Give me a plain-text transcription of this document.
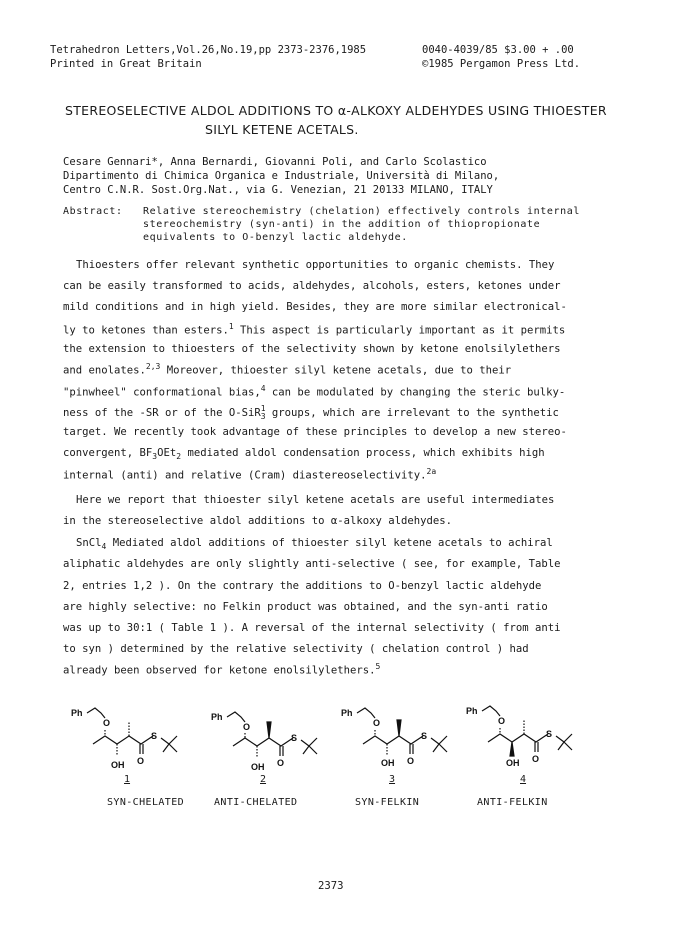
Tetrahedron Letters,Vol.26,No.19,pp 2373-2376,1985	0040-4039/85 $3.00 + .00
Printed in Great Britain	©1985 Pergamon Press Ltd.
STEREOSELECTIVE ALDOL ADDITIONS TO α-ALKOXY ALDEHYDES USING THIOESTER
SILYL KETENE ACETALS.
Cesare Gennari*, Anna Bernardi, Giovanni Poli, and Carlo Scolastico
Dipartimento di Chimica Organica e Industriale, Università di Milano,
Centro C.N.R. Sost.Org.Nat., via G. Venezian, 21 20133 MILANO, ITALY
Abstract: Relative stereochemistry (chelation) effectively controls internal
stereochemistry (syn-anti) in the addition of thiopropionate
equivalents to O-benzyl lactic aldehyde.
Thioesters offer relevant synthetic opportunities to organic chemists. They
can be easily transformed to acids, aldehydes, alcohols, esters, ketones under
mild conditions and in high yield. Besides, they are more similar electronical-
ly to ketones than esters.$^1$ This aspect is particularly important as it permits
the extension to thioesters of the selectivity shown by ketone enolsilylethers
and enolates.$^{2,3}$ Moreover, thioester silyl ketene acetals, due to their
"pinwheel" conformational bias,$^4$ can be modulated by changing the steric bulky-
ness of the -SR or of the O-SiR 1
3 groups, which are irrelevant to the synthetic
target. We recently took advantage of these principles to develop a new stereo-
convergent, $BF_3OEt_2$ mediated aldol condensation process, which exhibits high
internal (anti) and relative (Cram) diastereoselectivity.$^{2a}$
Here we report that thioester silyl ketene acetals are useful intermediates
in the stereoselective aldol additions to α-alkoxy aldehydes.
SnCl$_4$ Mediated aldol additions of thioester silyl ketene acetals to achiral
aliphatic aldehydes are only slightly anti-selective ( see, for example, Table
2, entries 1,2 ). On the contrary the additions to O-benzyl lactic aldehyde
are highly selective: no Felkin product was obtained, and the syn-anti ratio
was up to 30:1 ( Table 1 ). A reversal of the internal selectivity ( from anti
to syn ) determined by the relative selectivity ( chelation control ) had
already been observed for ketone enolsilylethers.$^5$
Ph
O
OH O
S
Ph
O
OH O
S
Ph
O
OH O
S
Ph
O
OH O
S
1	2	3	4
SYN-CHELATED	ANTI-CHELATED	SYN-FELKIN	ANTI-FELKIN
2373
